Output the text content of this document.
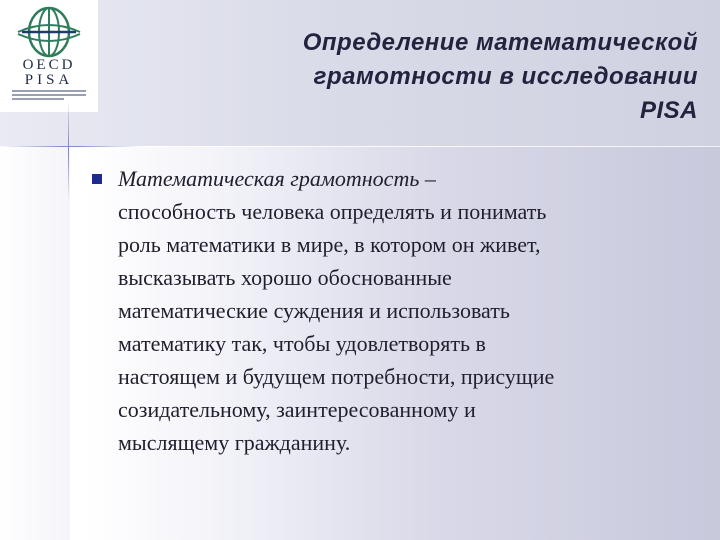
OECD
PISA
Определение математической
грамотности в исследовании
PISA
Математическая грамотность –
способность человека определять и понимать
роль математики в мире, в котором он живет,
высказывать хорошо обоснованные
математические суждения и использовать
математику так, чтобы удовлетворять в
настоящем и будущем потребности, присущие
созидательному, заинтересованному и
мыслящему гражданину.
